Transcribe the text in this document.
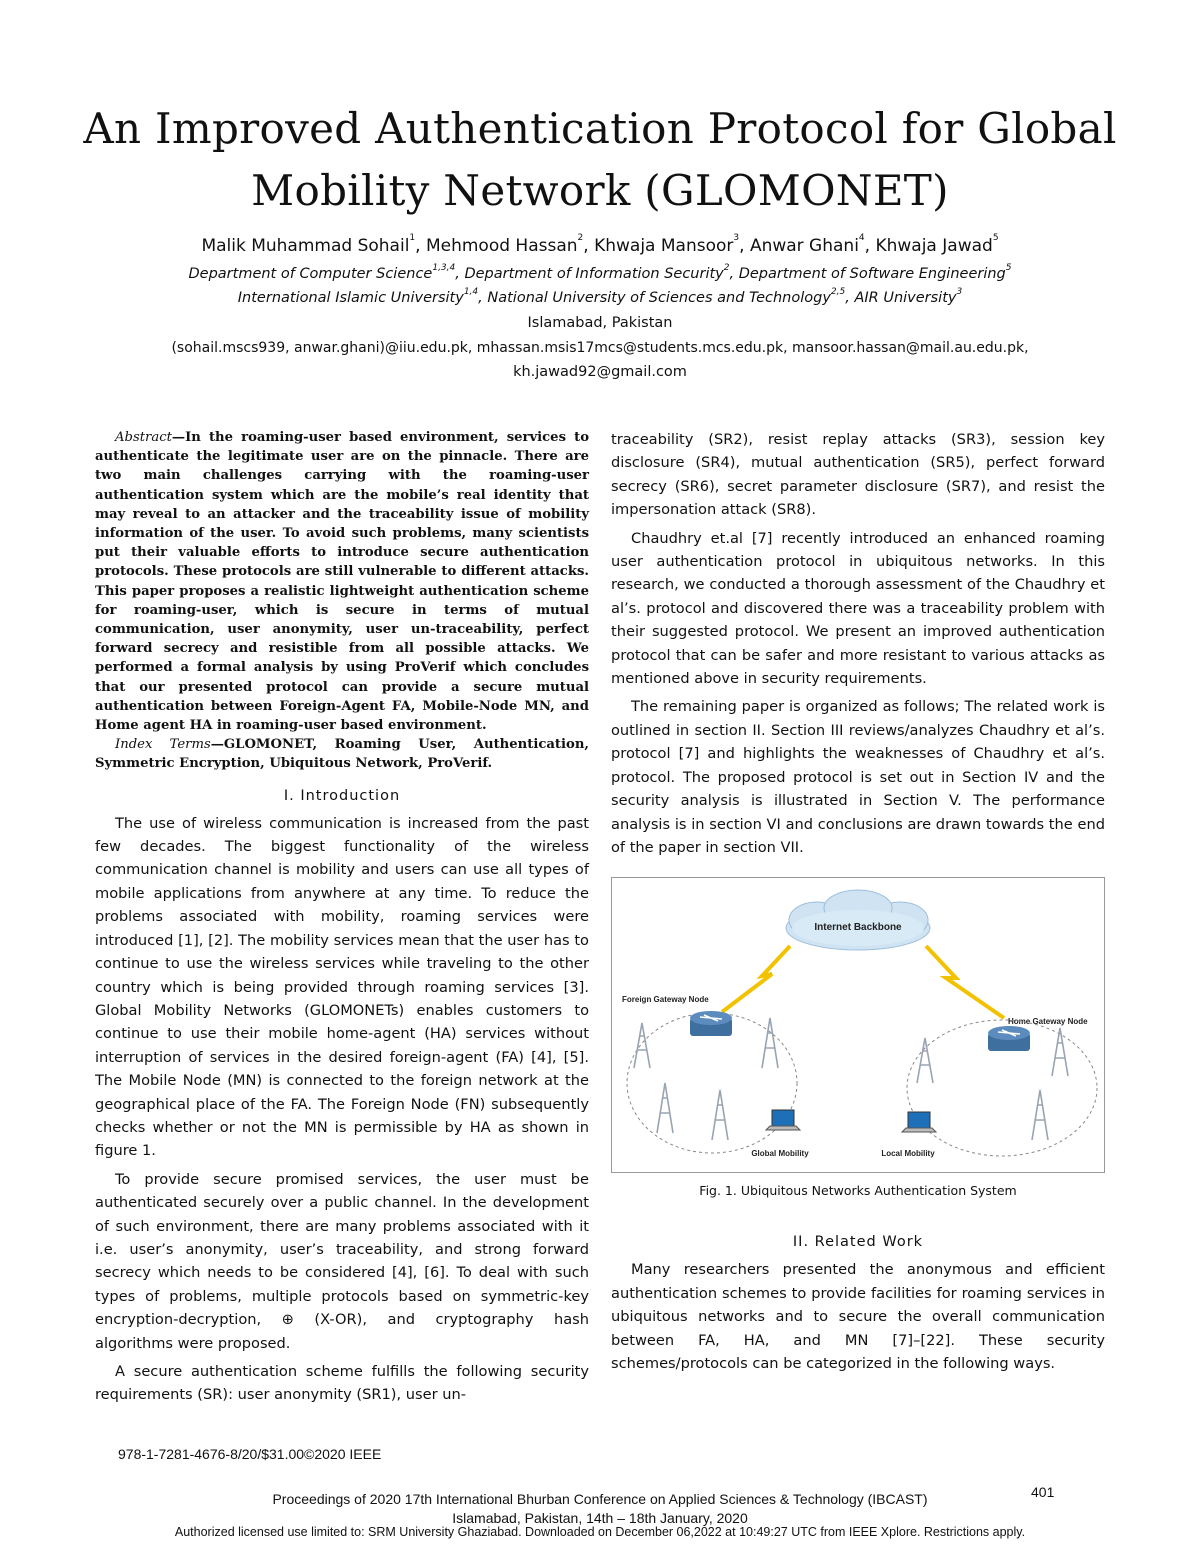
An Improved Authentication Protocol for Global
Mobility Network (GLOMONET)
Malik Muhammad Sohail$^1$, Mehmood Hassan$^2$, Khwaja Mansoor$^3$, Anwar Ghani$^4$, Khwaja Jawad$^5$
Department of Computer Science$^{1,3,4}$, Department of Information Security$^2$, Department of Software Engineering$^5$
International Islamic University$^{1,4}$, National University of Sciences and Technology$^{2,5}$, AIR University$^3$
Islamabad, Pakistan
(sohail.mscs939, anwar.ghani)@iiu.edu.pk, mhassan.msis17mcs@students.mcs.edu.pk, mansoor.hassan@mail.au.edu.pk,
kh.jawad92@gmail.com

Abstract—In the roaming-user based environment, services to authenticate the legitimate user are on the pinnacle. There are two main challenges carrying with the roaming-user authentication system which are the mobile’s real identity that may reveal to an attacker and the traceability issue of mobility information of the user. To avoid such problems, many scientists put their valuable efforts to introduce secure authentication protocols. These protocols are still vulnerable to different attacks. This paper proposes a realistic lightweight authentication scheme for roaming-user, which is secure in terms of mutual communication, user anonymity, user un-traceability, perfect forward secrecy and resistible from all possible attacks. We performed a formal analysis by using ProVerif which concludes that our presented protocol can provide a secure mutual authentication between Foreign-Agent FA, Mobile-Node MN, and Home agent HA in roaming-user based environment.

Index Terms—GLOMONET, Roaming User, Authentication, Symmetric Encryption, Ubiquitous Network, ProVerif.

I. Introduction

The use of wireless communication is increased from the past few decades. The biggest functionality of the wireless communication channel is mobility and users can use all types of mobile applications from anywhere at any time. To reduce the problems associated with mobility, roaming services were introduced [1], [2]. The mobility services mean that the user has to continue to use the wireless services while traveling to the other country which is being provided through roaming services [3]. Global Mobility Networks (GLOMONETs) enables customers to continue to use their mobile home-agent (HA) services without interruption of services in the desired foreign-agent (FA) [4], [5]. The Mobile Node (MN) is connected to the foreign network at the geographical place of the FA. The Foreign Node (FN) subsequently checks whether or not the MN is permissible by HA as shown in figure 1.

To provide secure promised services, the user must be authenticated securely over a public channel. In the development of such environment, there are many problems associated with it i.e. user’s anonymity, user’s traceability, and strong forward secrecy which needs to be considered [4], [6]. To deal with such types of problems, multiple protocols based on symmetric-key encryption-decryption, ⊕ (X-OR), and cryptography hash algorithms were proposed.

A secure authentication scheme fulfills the following security requirements (SR): user anonymity (SR1), user un-

traceability (SR2), resist replay attacks (SR3), session key disclosure (SR4), mutual authentication (SR5), perfect forward secrecy (SR6), secret parameter disclosure (SR7), and resist the impersonation attack (SR8).

Chaudhry et.al [7] recently introduced an enhanced roaming user authentication protocol in ubiquitous networks. In this research, we conducted a thorough assessment of the Chaudhry et al’s. protocol and discovered there was a traceability problem with their suggested protocol. We present an improved authentication protocol that can be safer and more resistant to various attacks as mentioned above in security requirements.

The remaining paper is organized as follows; The related work is outlined in section II. Section III reviews/analyzes Chaudhry et al’s. protocol [7] and highlights the weaknesses of Chaudhry et al’s. protocol. The proposed protocol is set out in Section IV and the security analysis is illustrated in Section V. The performance analysis is in section VI and conclusions are drawn towards the end of the paper in section VII.

Internet Backbone
Foreign Gateway Node
Home Gateway Node
Global Mobility	Local Mobility
Fig. 1. Ubiquitous Networks Authentication System
II. Related Work

Many researchers presented the anonymous and efficient authentication schemes to provide facilities for roaming services in ubiquitous networks and to secure the overall communication between FA, HA, and MN [7]–[22]. These security schemes/protocols can be categorized in the following ways.

978-1-7281-4676-8/20/$31.00©2020 IEEE
Proceedings of 2020 17th International Bhurban Conference on Applied Sciences & Technology (IBCAST)
Islamabad, Pakistan, 14th – 18th January, 2020
401
Authorized licensed use limited to: SRM University Ghaziabad. Downloaded on December 06,2022 at 10:49:27 UTC from IEEE Xplore. Restrictions apply.
